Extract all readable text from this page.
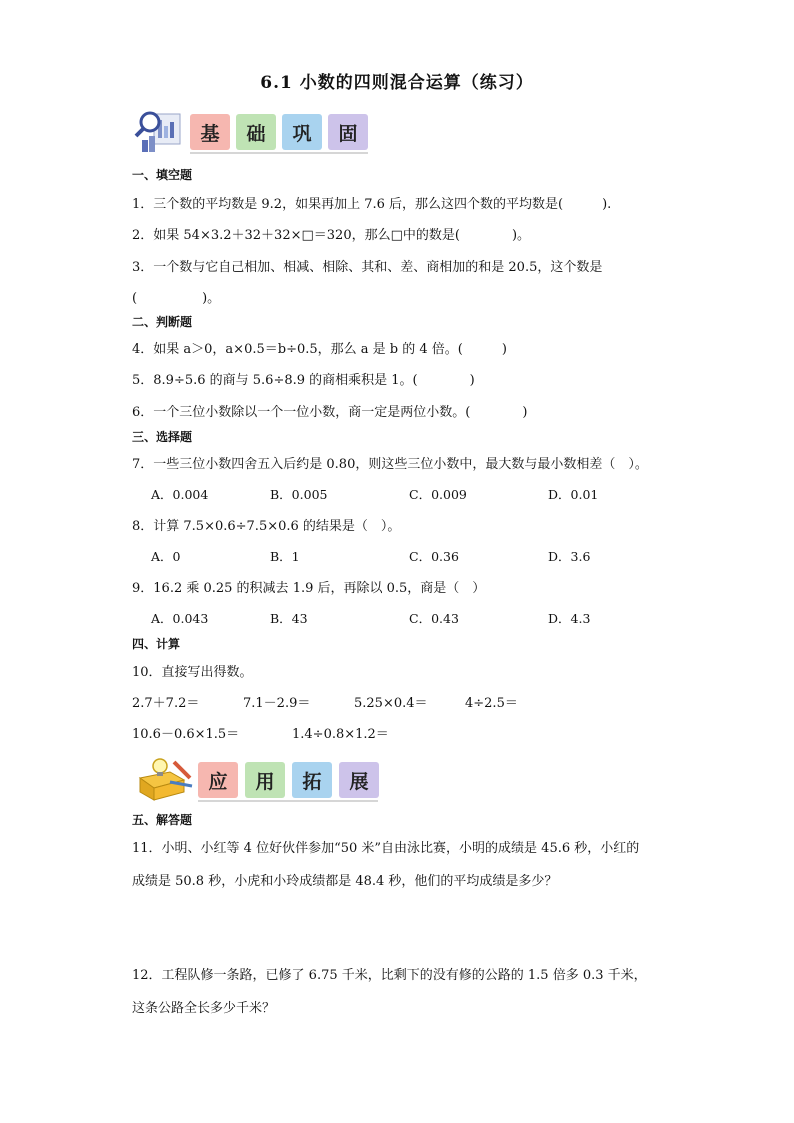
6.1 小数的四则混合运算（练习）
基	础	巩	固
一、填空题
1．三个数的平均数是 9.2，如果再加上 7.6 后，那么这四个数的平均数是(　　　).
2．如果 54×3.2＋32＋32×□＝320，那么□中的数是(　　　　)。
3．一个数与它自己相加、相减、相除、其和、差、商相加的和是 20.5，这个数是
(　　　　　)。
二、判断题
4．如果 a＞0，a×0.5＝b÷0.5，那么 a 是 b 的 4 倍。(　　　)
5．8.9÷5.6 的商与 5.6÷8.9 的商相乘积是 1。(　　　　)
6．一个三位小数除以一个一位小数，商一定是两位小数。(　　　　)
三、选择题
7．一些三位小数四舍五入后约是 0.80，则这些三位小数中，最大数与最小数相差（　）。
A．0.004	B．0.005	C．0.009	D．0.01
8．计算 7.5×0.6÷7.5×0.6 的结果是（　）。
A．0	B．1	C．0.36	D．3.6
9．16.2 乘 0.25 的积减去 1.9 后，再除以 0.5，商是（　）
A．0.043	B．43	C．0.43	D．4.3
四、计算
10．直接写出得数。
2.7＋7.2＝	7.1－2.9＝	5.25×0.4＝	4÷2.5＝
10.6－0.6×1.5＝	1.4÷0.8×1.2＝
应	用	拓	展
五、解答题
11．小明、小红等 4 位好伙伴参加“50 米”自由泳比赛，小明的成绩是 45.6 秒，小红的
成绩是 50.8 秒，小虎和小玲成绩都是 48.4 秒，他们的平均成绩是多少？
12．工程队修一条路，已修了 6.75 千米，比剩下的没有修的公路的 1.5 倍多 0.3 千米，
这条公路全长多少千米？
